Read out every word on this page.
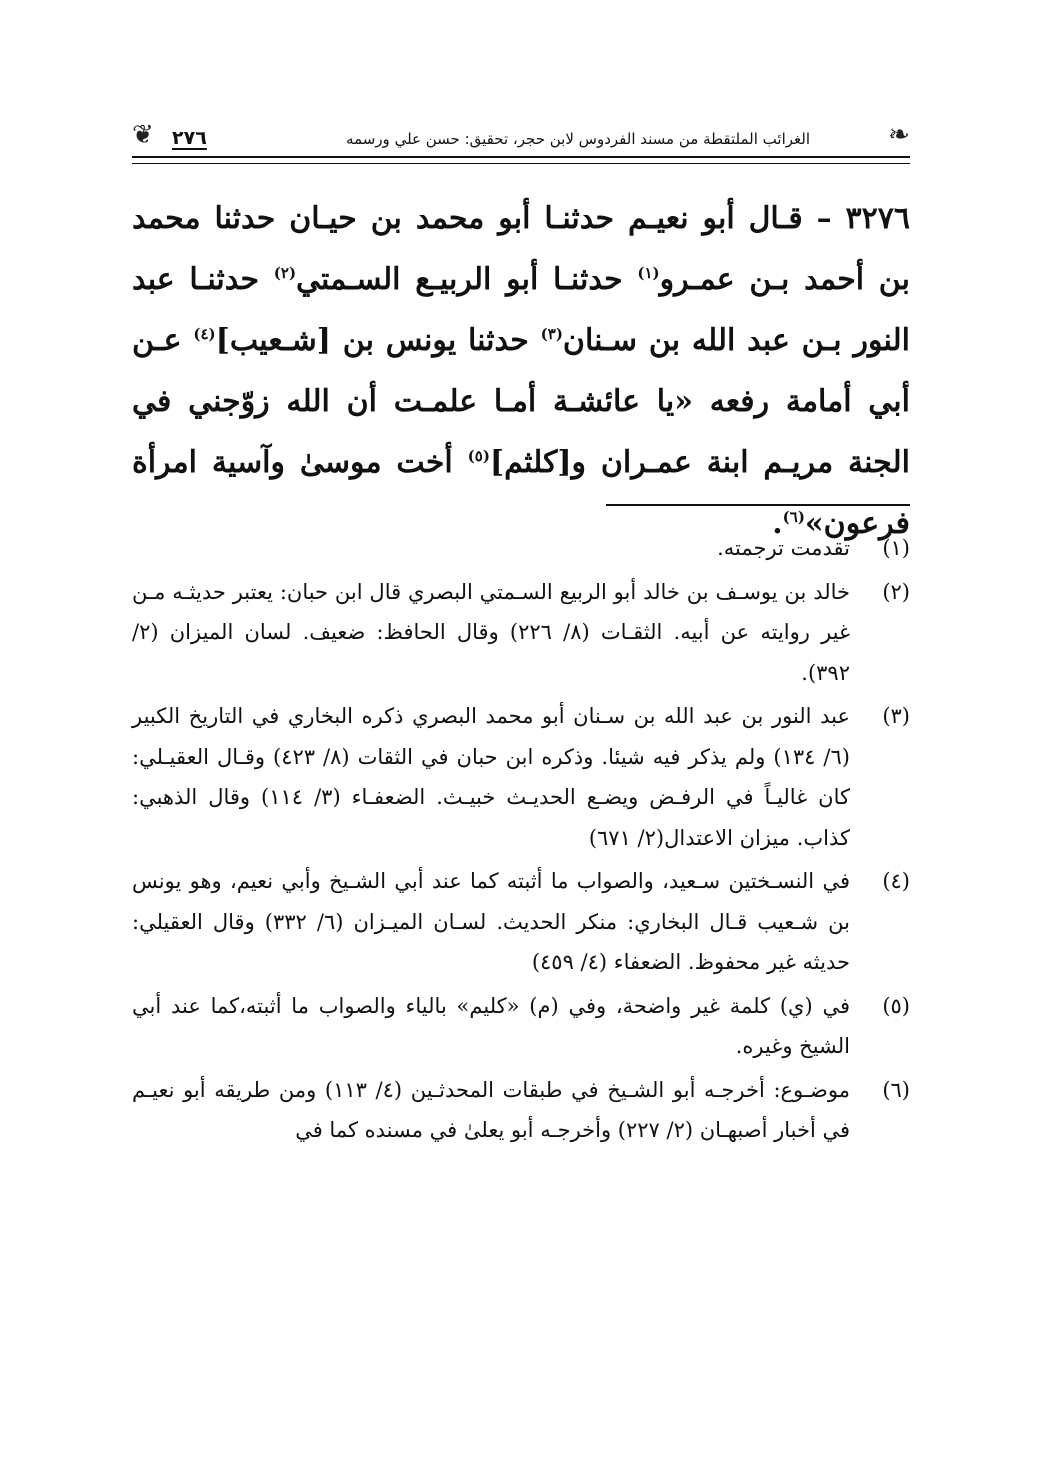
❦ ٢٧٦	الغرائب الملتقطة من مسند الفردوس لابن حجر، تحقيق: حسن علي ورسمه	❧
٣٢٧٦ – قـال أبو نعيـم حدثنـا أبو محمد بن حيـان حدثنا محمد بن أحمد بـن عمـرو$^{(١)}$ حدثنـا أبو الربيـع السـمتي$^{(٢)}$ حدثنـا عبد النور بـن عبد الله بن سـنان$^{(٣)}$ حدثنا يونس بن [شـعيب]$^{(٤)}$ عـن أبي أمامة رفعه «يا عائشـة أمـا علمـت أن الله زوّجني في الجنة مريـم ابنة عمـران و[كلثم]$^{(٥)}$ أخت موسىٰ وآسية امرأة فرعون»$^{(٦)}$.
(١)
تقدمت ترجمته.
(٢)
خالد بن يوسـف بن خالد أبو الربيع السـمتي البصري قال ابن حبان: يعتبر حديثـه مـن غير روايته عن أبيه. الثقـات (٨/ ٢٢٦) وقال الحافظ: ضعيف. لسان الميزان (٢/ ٣٩٢).
(٣)
عبد النور بن عبد الله بن سـنان أبو محمد البصري ذكره البخاري في التاريخ الكبير (٦/ ١٣٤) ولم يذكر فيه شيئا. وذكره ابن حبان في الثقات (٨/ ٤٢٣) وقـال العقيـلي: كان غاليـاً في الرفـض ويضـع الحديـث خبيـث. الضعفـاء (٣/ ١١٤) وقال الذهبي: كذاب. ميزان الاعتدال(٢/ ٦٧١)
(٤)
في النسـختين سـعيد، والصواب ما أثبته كما عند أبي الشـيخ وأبي نعيم، وهو يونس بن شـعيب قـال البخاري: منكر الحديث. لسـان الميـزان (٦/ ٣٣٢) وقال العقيلي: حديثه غير محفوظ. الضعفاء (٤/ ٤٥٩)
(٥)
في (ي) كلمة غير واضحة، وفي (م) «كليم» بالياء والصواب ما أثبته،كما عند أبي الشيخ وغيره.
(٦)
موضـوع: أخرجـه أبو الشـيخ في طبقات المحدثـين (٤/ ١١٣) ومن طريقه أبو نعيـم في أخبار أصبهـان (٢/ ٢٢٧) وأخرجـه أبو يعلىٰ في مسنده كما في
